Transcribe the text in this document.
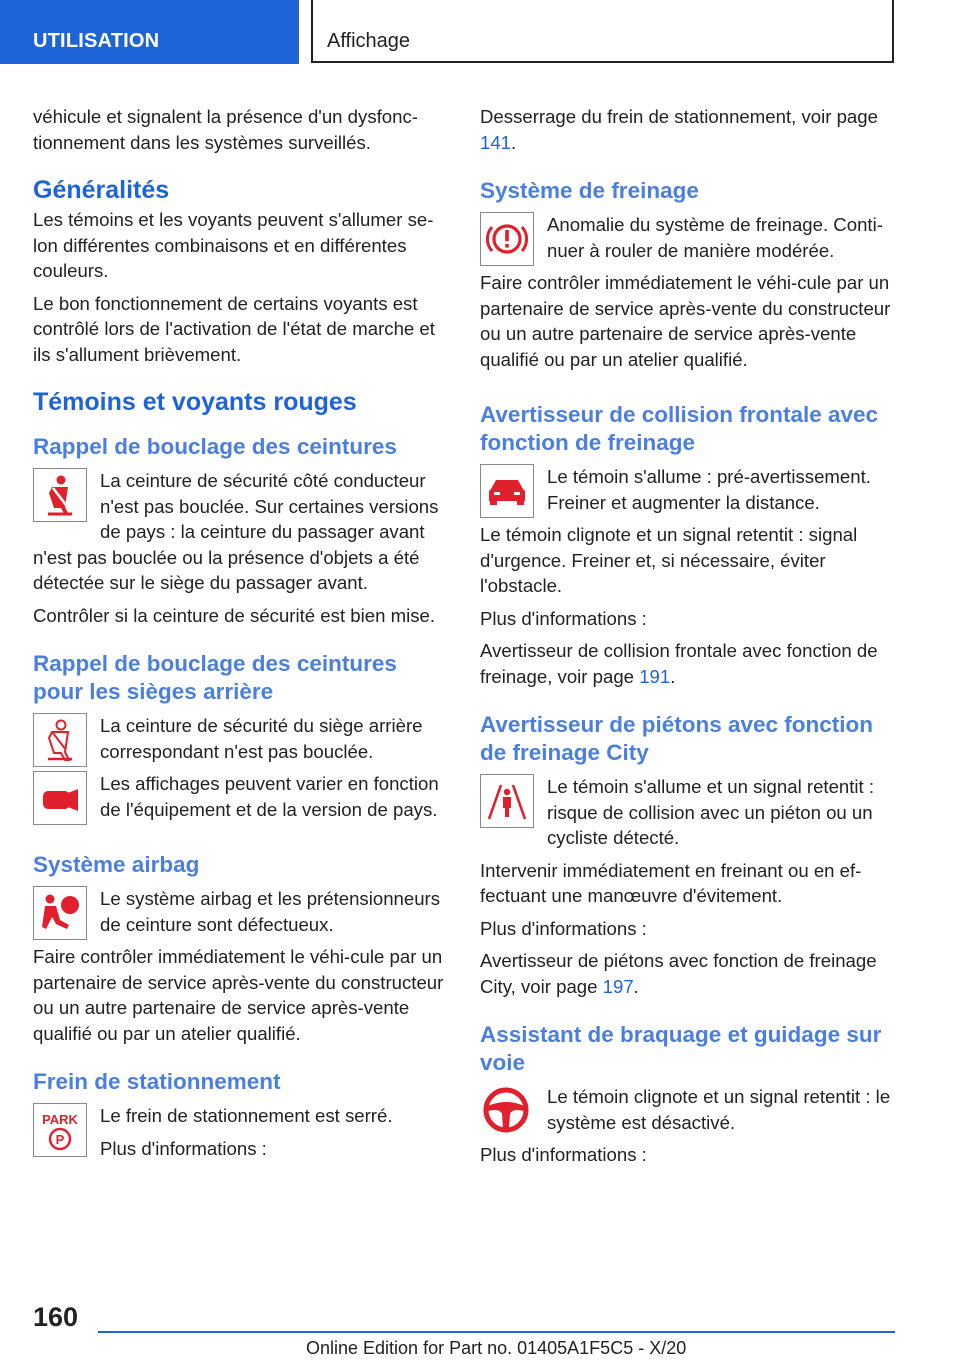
UTILISATION	Affichage

véhicule et signalent la présence d'un dysfonc-tionnement dans les systèmes surveillés.

Généralités

Les témoins et les voyants peuvent s'allumer se-lon différentes combinaisons et en différentes couleurs.

Le bon fonctionnement de certains voyants est contrôlé lors de l'activation de l'état de marche et ils s'allument brièvement.

Témoins et voyants rouges
Rappel de bouclage des ceintures

La ceinture de sécurité côté conducteur n'est pas bouclée. Sur certaines versions de pays : la ceinture du passager avant n'est pas bouclée ou la présence d'objets a été détectée sur le siège du passager avant.

Contrôler si la ceinture de sécurité est bien mise.

Rappel de bouclage des ceintures pour les sièges arrière

La ceinture de sécurité du siège arrière correspondant n'est pas bouclée.

Les affichages peuvent varier en fonction de l'équipement et de la version de pays.

Système airbag

Le système airbag et les prétensionneurs de ceinture sont défectueux.

Faire contrôler immédiatement le véhi-cule par un partenaire de service après-vente du constructeur ou un autre partenaire de service après-vente qualifié ou par un atelier qualifié.

Frein de stationnement
PARK
P

Le frein de stationnement est serré.

Plus d'informations :

Desserrage du frein de stationnement, voir page 141.

Système de freinage

Anomalie du système de freinage. Conti-nuer à rouler de manière modérée.

Faire contrôler immédiatement le véhi-cule par un partenaire de service après-vente du constructeur ou un autre partenaire de service après-vente qualifié ou par un atelier qualifié.

Avertisseur de collision frontale avec fonction de freinage

Le témoin s'allume : pré-avertissement. Freiner et augmenter la distance.

Le témoin clignote et un signal retentit : signal d'urgence. Freiner et, si nécessaire, éviter l'obstacle.

Plus d'informations :

Avertisseur de collision frontale avec fonction de freinage, voir page 191.

Avertisseur de piétons avec fonction de freinage City

Le témoin s'allume et un signal retentit : risque de collision avec un piéton ou un cycliste détecté.

Intervenir immédiatement en freinant ou en ef-fectuant une manœuvre d'évitement.

Plus d'informations :

Avertisseur de piétons avec fonction de freinage City, voir page 197.

Assistant de braquage et guidage sur voie

Le témoin clignote et un signal retentit : le système est désactivé.

Plus d'informations :

160
Online Edition for Part no. 01405A1F5C5 - X/20
